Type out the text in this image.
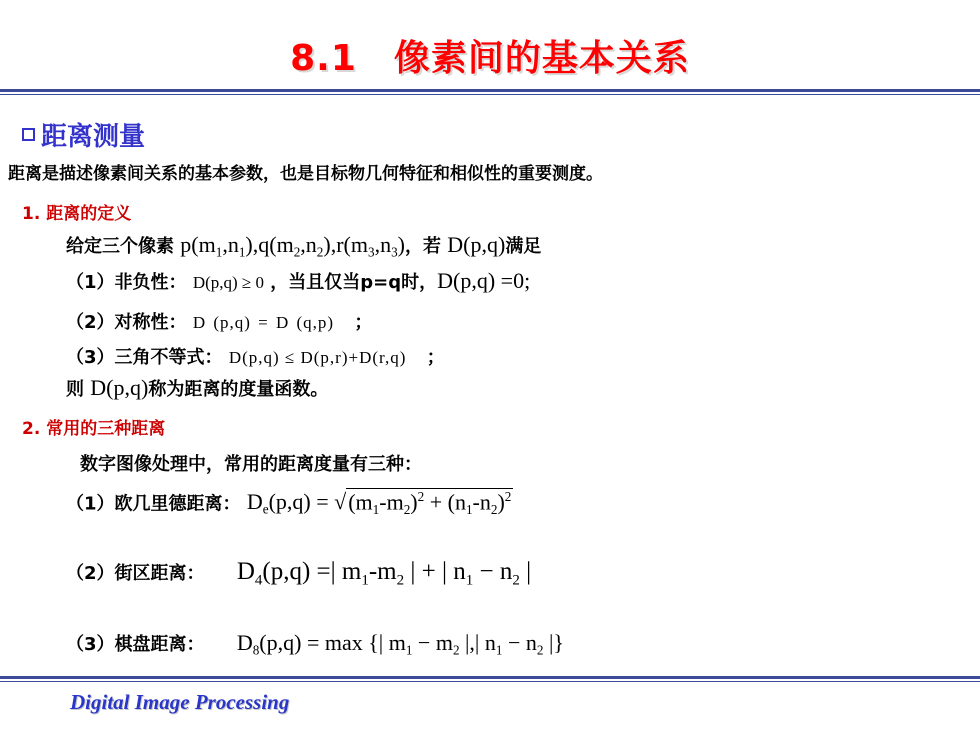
8.1　像素间的基本关系
距离测量
距离是描述像素间关系的基本参数，也是目标物几何特征和相似性的重要测度。
1. 距离的定义
给定三个像素 $p(m_1,n_1),q(m_2,n_2),r(m_3,n_3)$，若 D(p,q)满足
（1）非负性： D(p,q) ≥ 0 ，当且仅当p=q时，D(p,q) =0;
（2）对称性： D (p,q) = D (q,p) ；
（3）三角不等式： D(p,q) ≤ D(p,r)+D(r,q) ；
则 D(p,q)称为距离的度量函数。
2. 常用的三种距离
数字图像处理中，常用的距离度量有三种：
（1）欧几里德距离： $D_e(p,q) = √(m_1-m_2)^2 + (n_1-n_2)^2$
（2）街区距离： $D_4(p,q)$ =| $m_1-m_2$ | + | $n_1 - n_2$ |
（3）棋盘距离： $D_8(p,q) = \max$ {| $m_1 - m_2$ |,| $n_1 - n_2$ |}
Digital Image Processing
